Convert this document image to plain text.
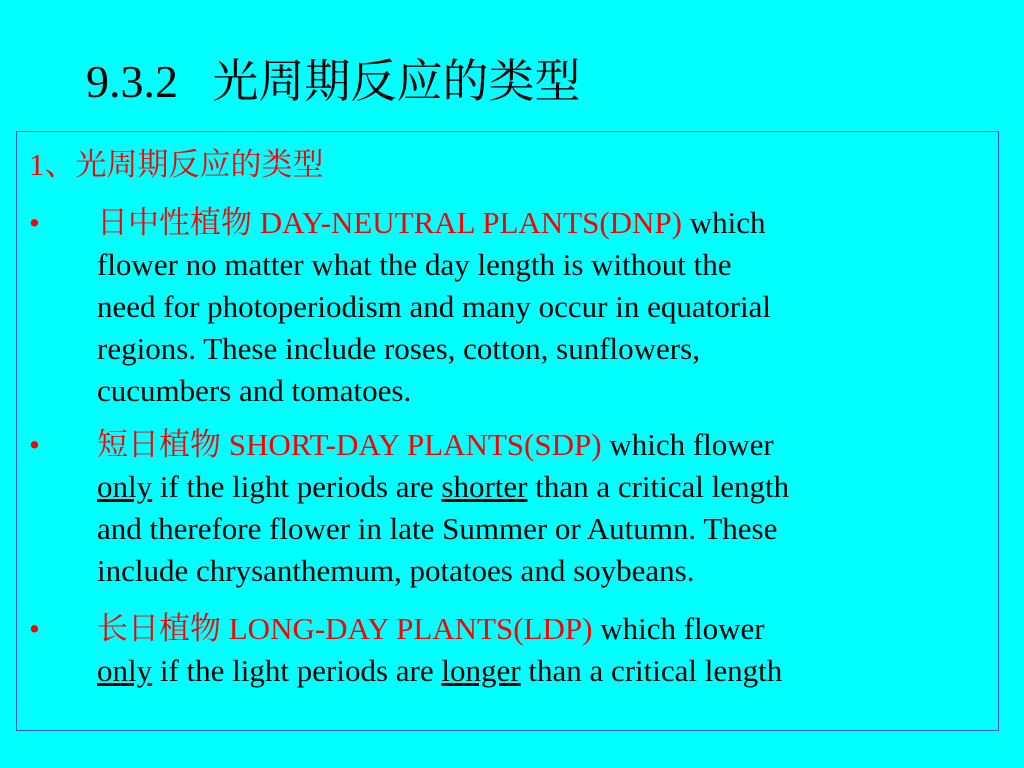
9.3.2   光周期反应的类型
1、光周期反应的类型
• 日中性植物 DAY-NEUTRAL PLANTS(DNP) which
flower no matter what the day length is without the
need for photoperiodism and many occur in equatorial
regions. These include roses, cotton, sunflowers,
cucumbers and tomatoes.
• 短日植物 SHORT-DAY PLANTS(SDP) which flower
only if the light periods are shorter than a critical length
and therefore flower in late Summer or Autumn. These
include chrysanthemum, potatoes and soybeans.
• 长日植物 LONG-DAY PLANTS(LDP) which flower
only if the light periods are longer than a critical length
